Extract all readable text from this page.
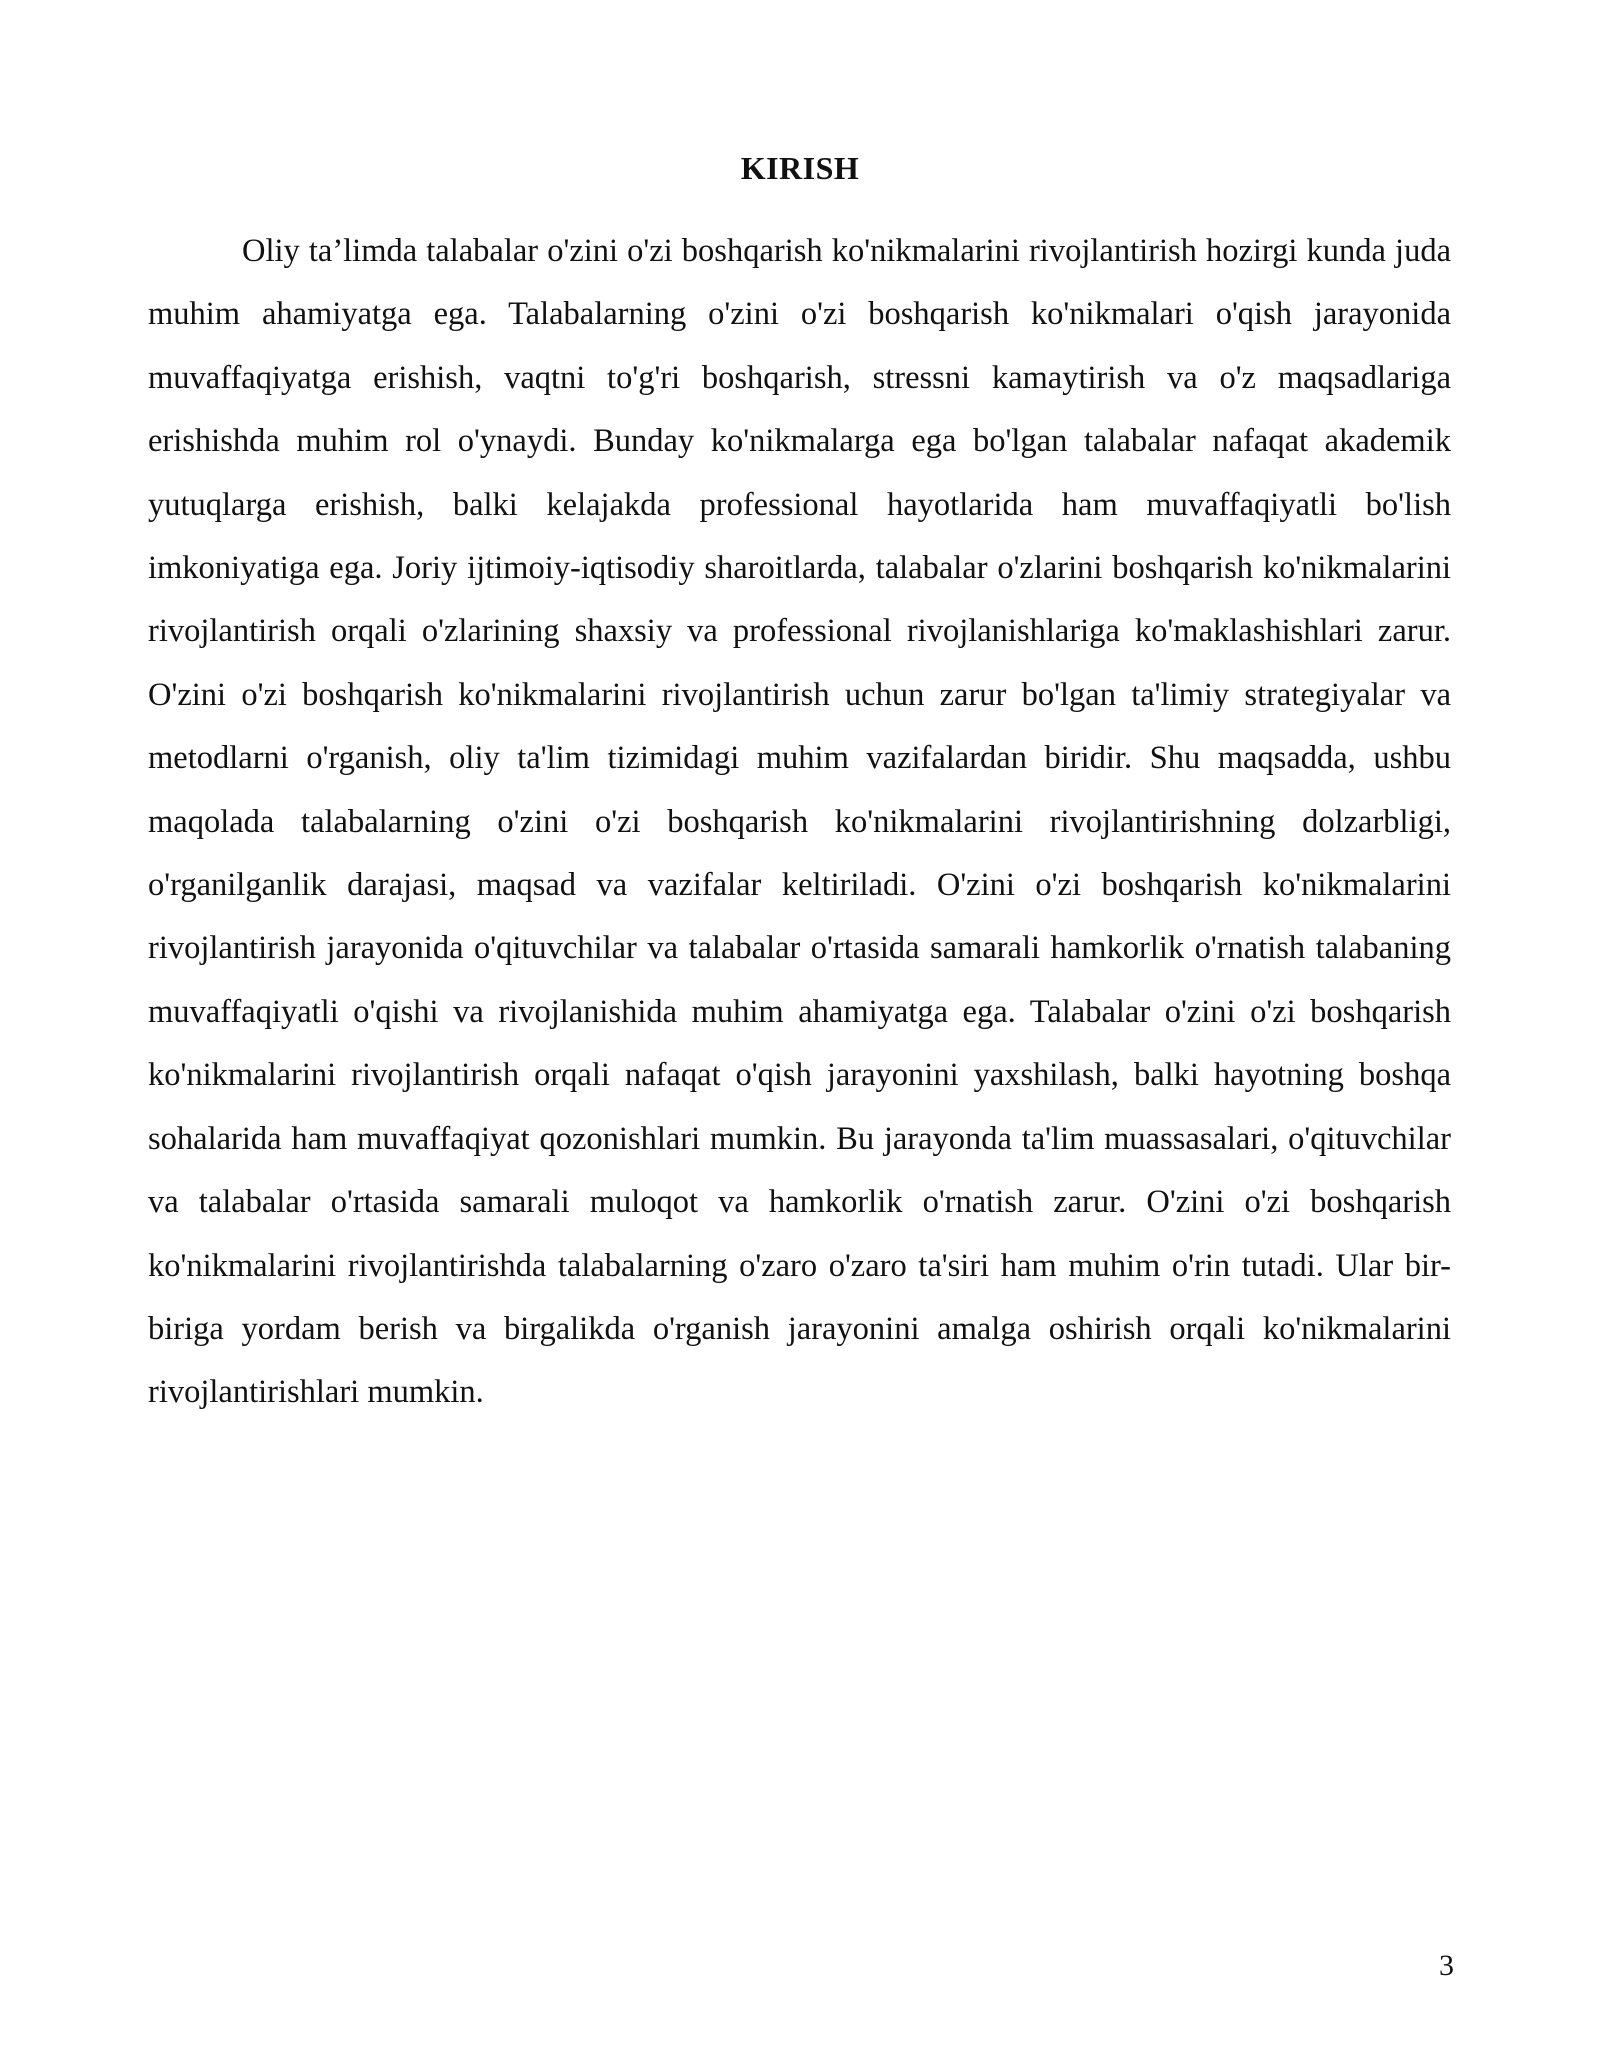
KIRISH

Oliy ta’limda talabalar o'zini o'zi boshqarish ko'nikmalarini rivojlantirish hozirgi kunda juda muhim ahamiyatga ega. Talabalarning o'zini o'zi boshqarish ko'nikmalari o'qish jarayonida muvaffaqiyatga erishish, vaqtni to'g'ri boshqarish, stressni kamaytirish va o'z maqsadlariga erishishda muhim rol o'ynaydi. Bunday ko'nikmalarga ega bo'lgan talabalar nafaqat akademik yutuqlarga erishish, balki kelajakda professional hayotlarida ham muvaffaqiyatli bo'lish imkoniyatiga ega. Joriy ijtimoiy-iqtisodiy sharoitlarda, talabalar o'zlarini boshqarish ko'nikmalarini rivojlantirish orqali o'zlarining shaxsiy va professional rivojlanishlariga ko'maklashishlari zarur. O'zini o'zi boshqarish ko'nikmalarini rivojlantirish uchun zarur bo'lgan ta'limiy strategiyalar va metodlarni o'rganish, oliy ta'lim tizimidagi muhim vazifalardan biridir. Shu maqsadda, ushbu maqolada talabalarning o'zini o'zi boshqarish ko'nikmalarini rivojlantirishning dolzarbligi, o'rganilganlik darajasi, maqsad va vazifalar keltiriladi. O'zini o'zi boshqarish ko'nikmalarini rivojlantirish jarayonida o'qituvchilar va talabalar o'rtasida samarali hamkorlik o'rnatish talabaning muvaffaqiyatli o'qishi va rivojlanishida muhim ahamiyatga ega. Talabalar o'zini o'zi boshqarish ko'nikmalarini rivojlantirish orqali nafaqat o'qish jarayonini yaxshilash, balki hayotning boshqa sohalarida ham muvaffaqiyat qozonishlari mumkin. Bu jarayonda ta'lim muassasalari, o'qituvchilar va talabalar o'rtasida samarali muloqot va hamkorlik o'rnatish zarur. O'zini o'zi boshqarish ko'nikmalarini rivojlantirishda talabalarning o'zaro o'zaro ta'siri ham muhim o'rin tutadi. Ular bir-biriga yordam berish va birgalikda o'rganish jarayonini amalga oshirish orqali ko'nikmalarini rivojlantirishlari mumkin.

3
